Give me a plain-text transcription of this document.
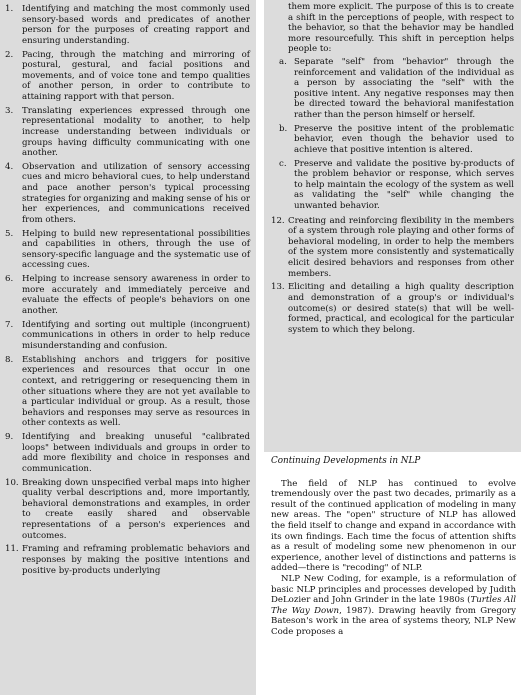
1.	Identifying and matching the most commonly used sensory-based words and predicates of another person for the purposes of creating rapport and ensuring understanding.
2.	Pacing, through the matching and mirroring of postural, gestural, and facial positions and movements, and of voice tone and tempo qualities of another person, in order to contribute to attaining rapport with that person.
3.	Translating experiences expressed through one representational modality to another, to help increase understanding between individuals or groups having difficulty communicating with one another.
4.	Observation and utilization of sensory accessing cues and micro behavioral cues, to help understand and pace another person's typical processing strategies for organizing and making sense of his or her experiences, and communications received from others.
5.	Helping to build new representational possibilities and capabilities in others, through the use of sensory-specific language and the systematic use of accessing cues.
6.	Helping to increase sensory awareness in order to more accurately and immediately perceive and evaluate the effects of people's behaviors on one another.
7.	Identifying and sorting out multiple (incongruent) communications in others in order to help reduce misunderstanding and confusion.
8.	Establishing anchors and triggers for positive experiences and resources that occur in one context, and retriggering or resequencing them in other situations where they are not yet available to a particular individual or group. As a result, those behaviors and responses may serve as resources in other contexts as well.
9.	Identifying and breaking unuseful "calibrated loops" between individuals and groups in order to add more flexibility and choice in responses and communication.
10. Breaking down unspecified verbal maps into higher quality verbal descriptions and, more importantly, behavioral demonstrations and examples, in order to create easily shared and observable representations of a person's experiences and outcomes.
11. Framing and reframing problematic behaviors and responses by making the positive intentions and positive by-products underlying
them more explicit. The purpose of this is to create a shift in the perceptions of people, with respect to the behavior, so that the behavior may be handled more resourcefully. This shift in perception helps people to:
a. Separate "self" from "behavior" through the reinforcement and validation of the individual as a person by associating the "self" with the positive intent. Any negative responses may then be directed toward the behavioral manifestation rather than the person himself or herself.
b. Preserve the positive intent of the problematic behavior, even though the behavior used to achieve that positive intention is altered.
c. Preserve and validate the positive by-products of the problem behavior or response, which serves to help maintain the ecology of the system as well as validating the "self" while changing the unwanted behavior.
12. Creating and reinforcing flexibility in the members of a system through role playing and other forms of behavioral modeling, in order to help the members of the system more consistently and systematically elicit desired behaviors and responses from other members.
13. Eliciting and detailing a high quality description and demonstration of a group's or individual's outcome(s) or desired state(s) that will be well-formed, practical, and ecological for the particular system to which they belong.
Continuing Developments in NLP

The field of NLP has continued to evolve tremendously over the past two decades, primarily as a result of the continued application of modeling in many new areas. The "open" structure of NLP has allowed the field itself to change and expand in accordance with its own findings. Each time the focus of attention shifts as a result of modeling some new phenomenon in our experience, another level of distinctions and patterns is added—there is "recoding" of NLP.

NLP New Coding, for example, is a reformulation of basic NLP principles and processes developed by Judith DeLozier and John Grinder in the late 1980s (Turtles All The Way Down, 1987). Drawing heavily from Gregory Bateson's work in the area of systems theory, NLP New Code proposes a
